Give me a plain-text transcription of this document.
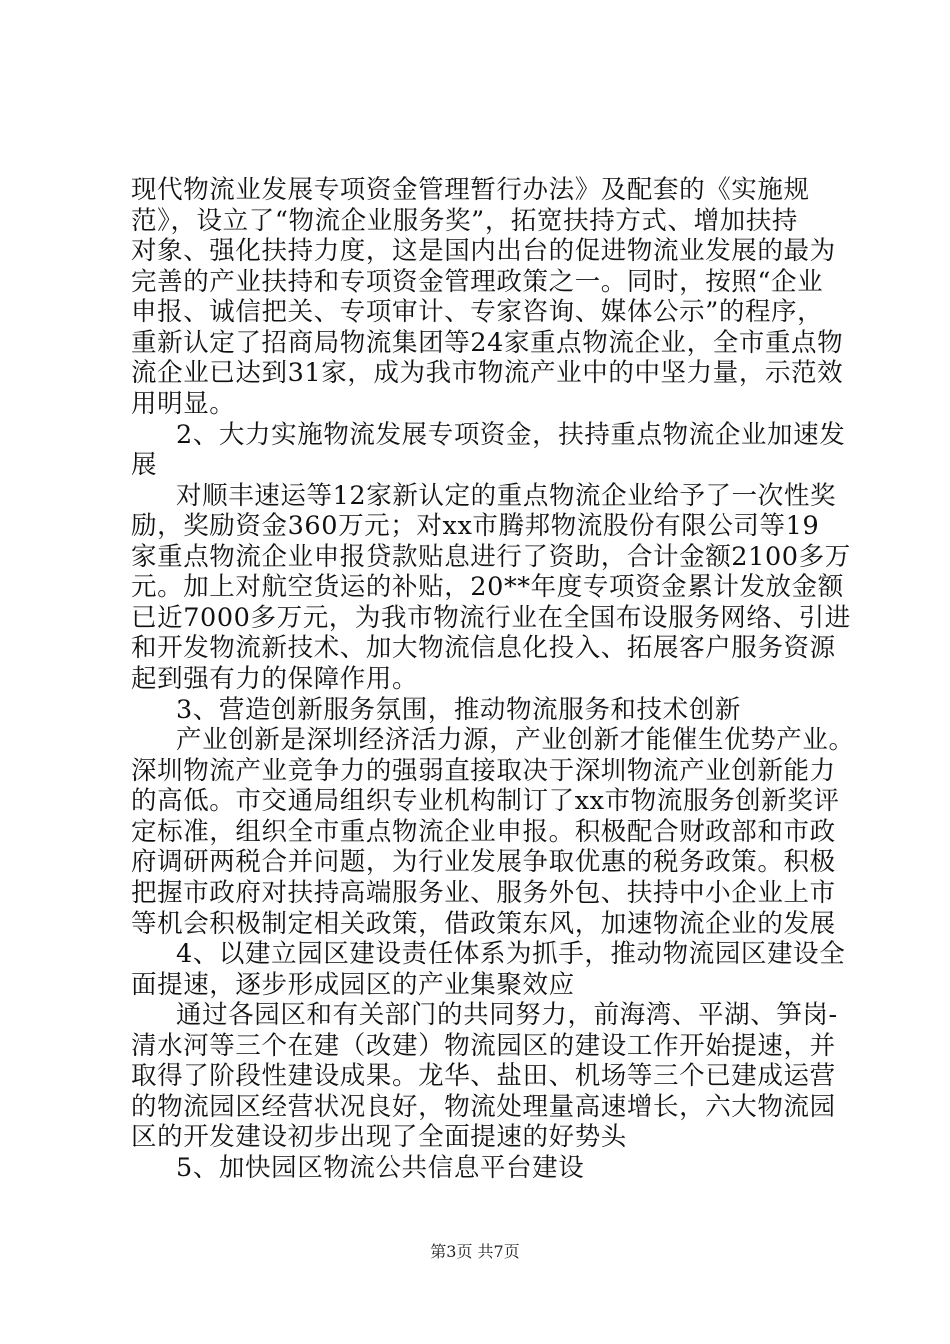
现代物流业发展专项资金管理暂行办法》及配套的《实施规
范》，设立了“物流企业服务奖”，拓宽扶持方式、增加扶持
对象、强化扶持力度，这是国内出台的促进物流业发展的最为
完善的产业扶持和专项资金管理政策之一。同时，按照“企业
申报、诚信把关、专项审计、专家咨询、媒体公示”的程序，
重新认定了招商局物流集团等24家重点物流企业，全市重点物
流企业已达到31家，成为我市物流产业中的中坚力量，示范效
用明显。
2、大力实施物流发展专项资金，扶持重点物流企业加速发
展
对顺丰速运等12家新认定的重点物流企业给予了一次性奖
励，奖励资金360万元；对xx市腾邦物流股份有限公司等19
家重点物流企业申报贷款贴息进行了资助，合计金额2100多万
元。加上对航空货运的补贴，20**年度专项资金累计发放金额
已近7000多万元，为我市物流行业在全国布设服务网络、引进
和开发物流新技术、加大物流信息化投入、拓展客户服务资源
起到强有力的保障作用。
3、营造创新服务氛围，推动物流服务和技术创新
产业创新是深圳经济活力源，产业创新才能催生优势产业。
深圳物流产业竞争力的强弱直接取决于深圳物流产业创新能力
的高低。市交通局组织专业机构制订了xx市物流服务创新奖评
定标准，组织全市重点物流企业申报。积极配合财政部和市政
府调研两税合并问题，为行业发展争取优惠的税务政策。积极
把握市政府对扶持高端服务业、服务外包、扶持中小企业上市
等机会积极制定相关政策，借政策东风，加速物流企业的发展
4、以建立园区建设责任体系为抓手，推动物流园区建设全
面提速，逐步形成园区的产业集聚效应
通过各园区和有关部门的共同努力，前海湾、平湖、笋岗-
清水河等三个在建（改建）物流园区的建设工作开始提速，并
取得了阶段性建设成果。龙华、盐田、机场等三个已建成运营
的物流园区经营状况良好，物流处理量高速增长，六大物流园
区的开发建设初步出现了全面提速的好势头
5、加快园区物流公共信息平台建设
第3页 共7页
